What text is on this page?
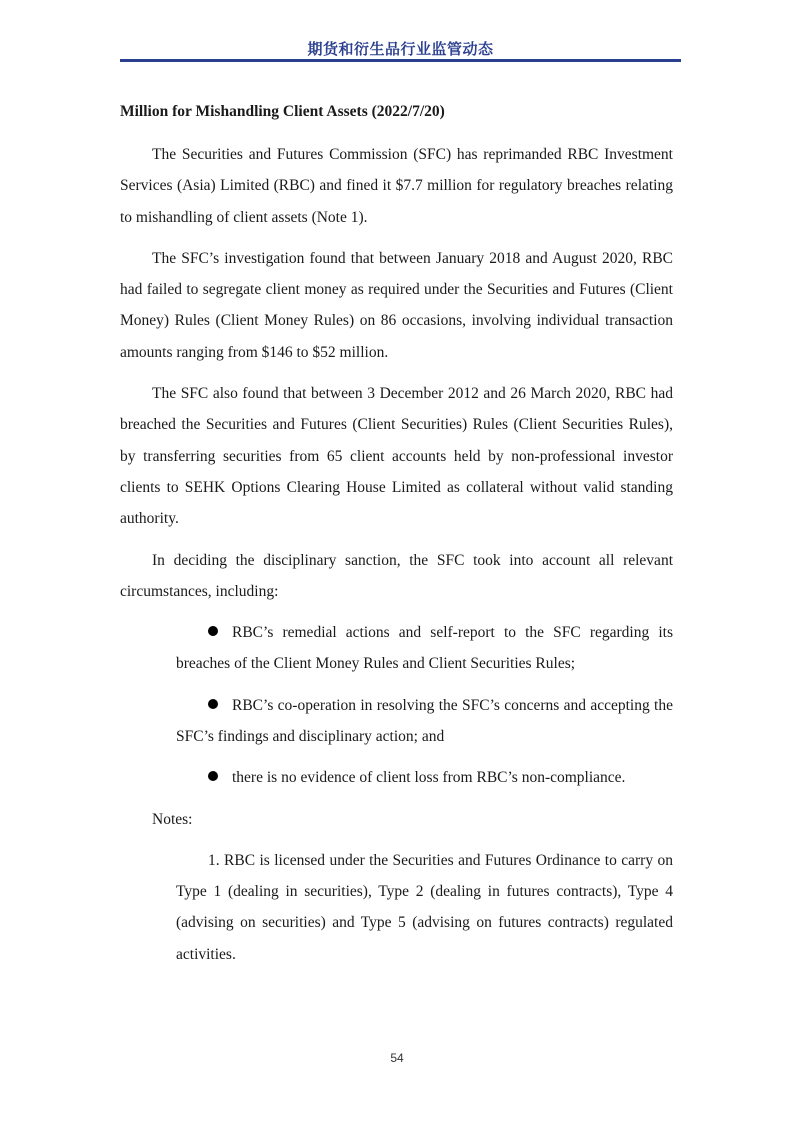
期货和衍生品行业监管动态
Million for Mishandling Client Assets (2022/7/20)

The Securities and Futures Commission (SFC) has reprimanded RBC Investment Services (Asia) Limited (RBC) and fined it $7.7 million for regulatory breaches relating to mishandling of client assets (Note 1).

The SFC’s investigation found that between January 2018 and August 2020, RBC had failed to segregate client money as required under the Securities and Futures (Client Money) Rules (Client Money Rules) on 86 occasions, involving individual transaction amounts ranging from $146 to $52 million.

The SFC also found that between 3 December 2012 and 26 March 2020, RBC had breached the Securities and Futures (Client Securities) Rules (Client Securities Rules), by transferring securities from 65 client accounts held by non-professional investor clients to SEHK Options Clearing House Limited as collateral without valid standing authority.

In deciding the disciplinary sanction, the SFC took into account all relevant circumstances, including:

RBC’s remedial actions and self-report to the SFC regarding its breaches of the Client Money Rules and Client Securities Rules;
RBC’s co-operation in resolving the SFC’s concerns and accepting the SFC’s findings and disciplinary action; and
there is no evidence of client loss from RBC’s non-compliance.
Notes:

1. RBC is licensed under the Securities and Futures Ordinance to carry on Type 1 (dealing in securities), Type 2 (dealing in futures contracts), Type 4 (advising on securities) and Type 5 (advising on futures contracts) regulated activities.

54
